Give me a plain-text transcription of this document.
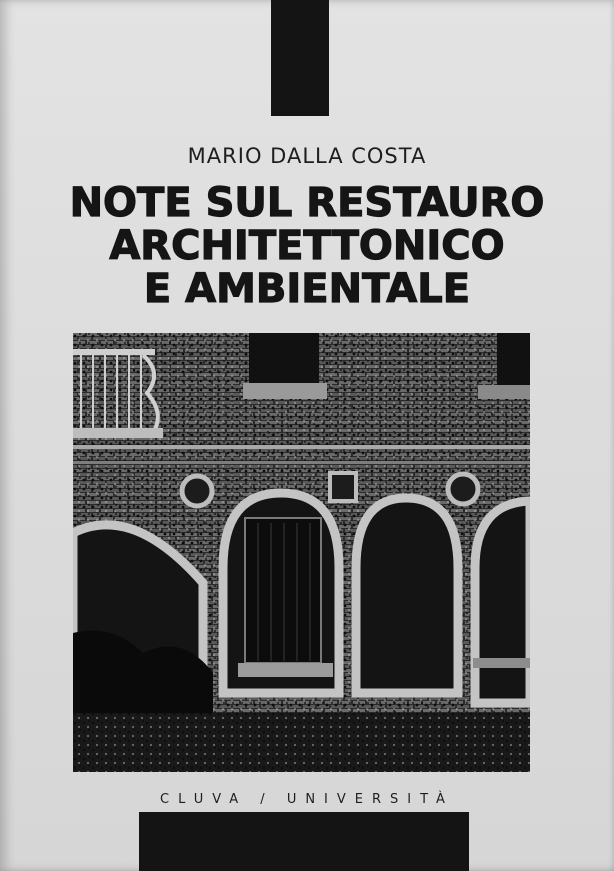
MARIO DALLA COSTA
NOTE SUL RESTAURO
ARCHITETTONICO
E AMBIENTALE
CLUVA / UNIVERSITÀ
